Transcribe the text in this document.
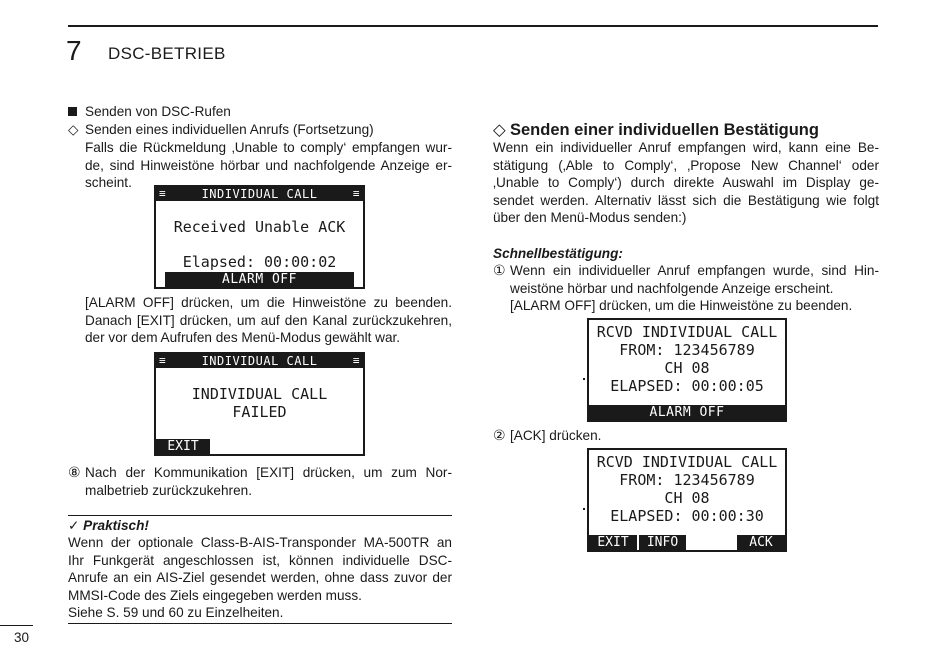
7 DSC-BETRIEB
Senden von DSC-Rufen
◇ Senden eines individuellen Anrufs (Fortsetzung)
Falls die Rückmeldung ‚Unable to comply‘ empfangen wur-
de, sind Hinweistöne hörbar und nachfolgende Anzeige er-
scheint.
≡	INDIVIDUAL CALL	≡
Received Unable ACK
Elapsed: 00:00:02
ALARM OFF
[ALARM OFF] drücken, um die Hinweistöne zu beenden.
Danach [EXIT] drücken, um auf den Kanal zurückzukehren,
der vor dem Aufrufen des Menü-Modus gewählt war.
≡	INDIVIDUAL CALL	≡
INDIVIDUAL CALL
FAILED
EXIT
⑧ Nach der Kommunikation [EXIT] drücken, um zum Nor-
malbetrieb zurückzukehren.
✓ Praktisch!
Wenn der optionale Class-B-AIS-Transponder MA-500TR an
Ihr Funkgerät angeschlossen ist, können individuelle DSC-
Anrufe an ein AIS-Ziel gesendet werden, ohne dass zuvor der
MMSI-Code des Ziels eingegeben werden muss.
Siehe S. 59 und 60 zu Einzelheiten.
◇ Senden einer individuellen Bestätigung
Wenn ein individueller Anruf empfangen wird, kann eine Be-
stätigung (‚Able to Comply‘, ‚Propose New Channel‘ oder
‚Unable to Comply‘) durch direkte Auswahl im Display ge-
sendet werden. Alternativ lässt sich die Bestätigung wie folgt
über den Menü-Modus senden:)
Schnellbestätigung:
① Wenn ein individueller Anruf empfangen wurde, sind Hin-
weistöne hörbar und nachfolgende Anzeige erscheint.
[ALARM OFF] drücken, um die Hinweistöne zu beenden.
RCVD INDIVIDUAL CALL
FROM: 123456789
CH 08
ELAPSED: 00:00:05
ALARM OFF
② [ACK] drücken.
RCVD INDIVIDUAL CALL
FROM: 123456789
CH 08
ELAPSED: 00:00:30
EXIT	INFO	ACK
30
